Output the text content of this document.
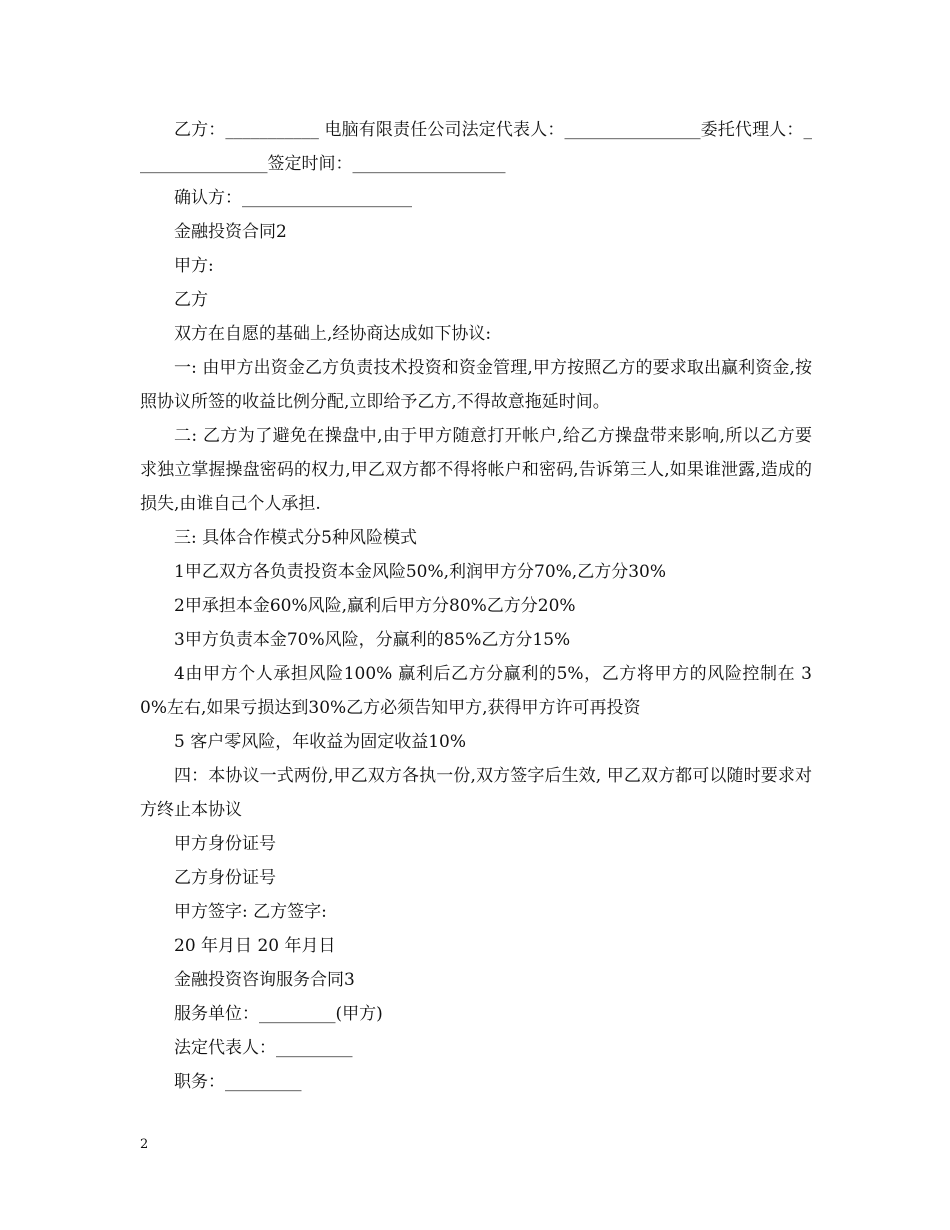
乙方：___________ 电脑有限责任公司法定代表人：________________委托代理人：________________签定时间：__________________

确认方：____________________

金融投资合同2

甲方:

乙方

双方在自愿的基础上,经协商达成如下协议:

一: 由甲方出资金乙方负责技术投资和资金管理,甲方按照乙方的要求取出赢利资金,按照协议所签的收益比例分配,立即给予乙方,不得故意拖延时间。

二: 乙方为了避免在操盘中,由于甲方随意打开帐户,给乙方操盘带来影响,所以乙方要求独立掌握操盘密码的权力,甲乙双方都不得将帐户和密码,告诉第三人,如果谁泄露,造成的损失,由谁自己个人承担.

三: 具体合作模式分5种风险模式

1甲乙双方各负责投资本金风险50%,利润甲方分70%,乙方分30%

2甲承担本金60%风险,赢利后甲方分80%乙方分20%

3甲方负责本金70%风险，分赢利的85%乙方分15%

4由甲方个人承担风险100% 赢利后乙方分赢利的5%，乙方将甲方的风险控制在 30%左右,如果亏损达到30%乙方必须告知甲方,获得甲方许可再投资

5 客户零风险，年收益为固定收益10%

四：本协议一式两份,甲乙双方各执一份,双方签字后生效, 甲乙双方都可以随时要求对方终止本协议

甲方身份证号

乙方身份证号

甲方签字: 乙方签字:

20 年月日 20 年月日

金融投资咨询服务合同3

服务单位：_________(甲方)

法定代表人：_________

职务：_________

2
